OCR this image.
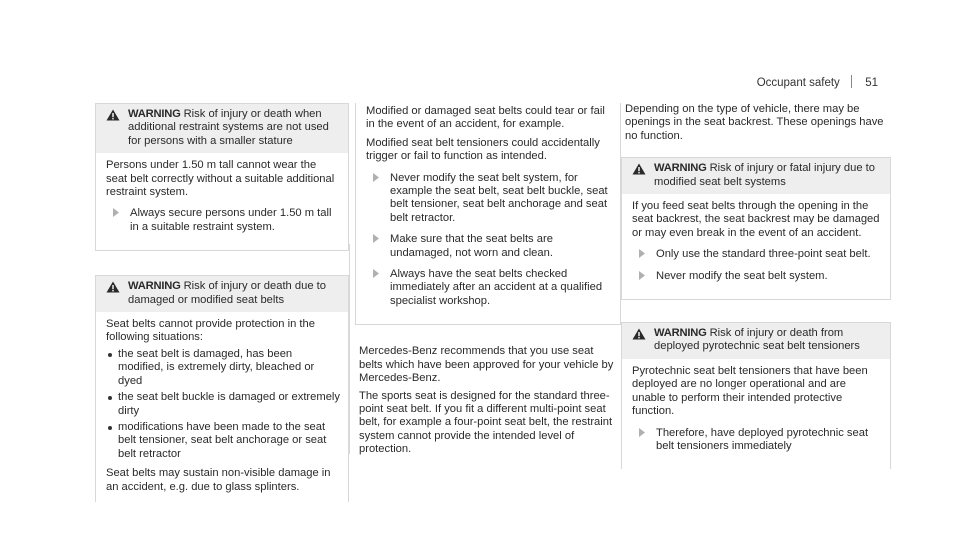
Occupant safety 51
WARNING Risk of injury or death when additional restraint systems are not used for persons with a smaller stature

Persons under 1.50 m tall cannot wear the seat belt correctly without a suitable additional restraint system.

Always secure persons under 1.50 m tall in a suitable restraint system.
WARNING Risk of injury or death due to damaged or modified seat belts

Seat belts cannot provide protection in the following situations:

the seat belt is damaged, has been modified, is extremely dirty, bleached or dyed
the seat belt buckle is damaged or extremely dirty
modifications have been made to the seat belt tensioner, seat belt anchorage or seat belt retractor

Seat belts may sustain non-visible damage in an accident, e.g. due to glass splinters.

Modified or damaged seat belts could tear or fail in the event of an accident, for example.

Modified seat belt tensioners could accidentally trigger or fail to function as intended.

Never modify the seat belt system, for example the seat belt, seat belt buckle, seat belt tensioner, seat belt anchorage and seat belt retractor.
Make sure that the seat belts are undamaged, not worn and clean.
Always have the seat belts checked immediately after an accident at a qualified specialist workshop.

Mercedes-Benz recommends that you use seat belts which have been approved for your vehicle by Mercedes-Benz.

The sports seat is designed for the standard three-point seat belt. If you fit a different multi-point seat belt, for example a four-point seat belt, the restraint system cannot provide the intended level of protection.

Depending on the type of vehicle, there may be openings in the seat backrest. These openings have no function.

WARNING Risk of injury or fatal injury due to modified seat belt systems

If you feed seat belts through the opening in the seat backrest, the seat backrest may be damaged or may even break in the event of an accident.

Only use the standard three-point seat belt.
Never modify the seat belt system.
WARNING Risk of injury or death from deployed pyrotechnic seat belt tensioners

Pyrotechnic seat belt tensioners that have been deployed are no longer operational and are unable to perform their intended protective function.

Therefore, have deployed pyrotechnic seat belt tensioners immediately
